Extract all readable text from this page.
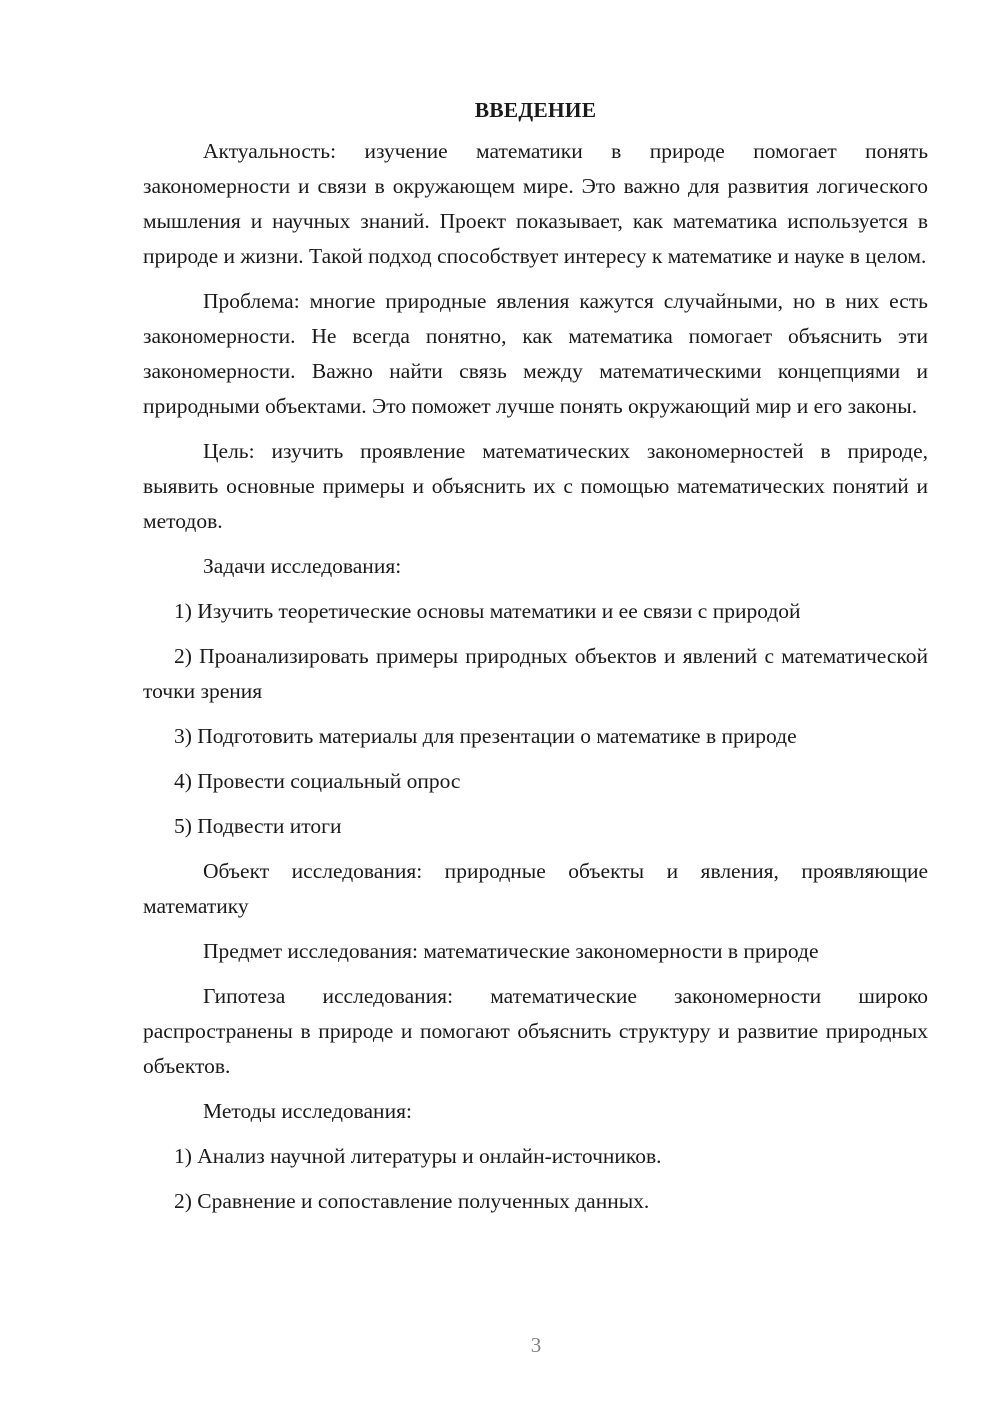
ВВЕДЕНИЕ

Актуальность: изучение математики в природе помогает понять закономерности и связи в окружающем мире. Это важно для развития логического мышления и научных знаний. Проект показывает, как математика используется в природе и жизни. Такой подход способствует интересу к математике и науке в целом.

Проблема: многие природные явления кажутся случайными, но в них есть закономерности. Не всегда понятно, как математика помогает объяснить эти закономерности. Важно найти связь между математическими концепциями и природными объектами. Это поможет лучше понять окружающий мир и его законы.

Цель: изучить проявление математических закономерностей в природе, выявить основные примеры и объяснить их с помощью математических понятий и методов.

Задачи исследования:

1) Изучить теоретические основы математики и ее связи с природой

2) Проанализировать примеры природных объектов и явлений с математической точки зрения

3) Подготовить материалы для презентации о математике в природе

4) Провести социальный опрос

5) Подвести итоги

Объект исследования: природные объекты и явления, проявляющие математику

Предмет исследования: математические закономерности в природе

Гипотеза исследования: математические закономерности широко распространены в природе и помогают объяснить структуру и развитие природных объектов.

Методы исследования:

1) Анализ научной литературы и онлайн-источников.

2) Сравнение и сопоставление полученных данных.

3
